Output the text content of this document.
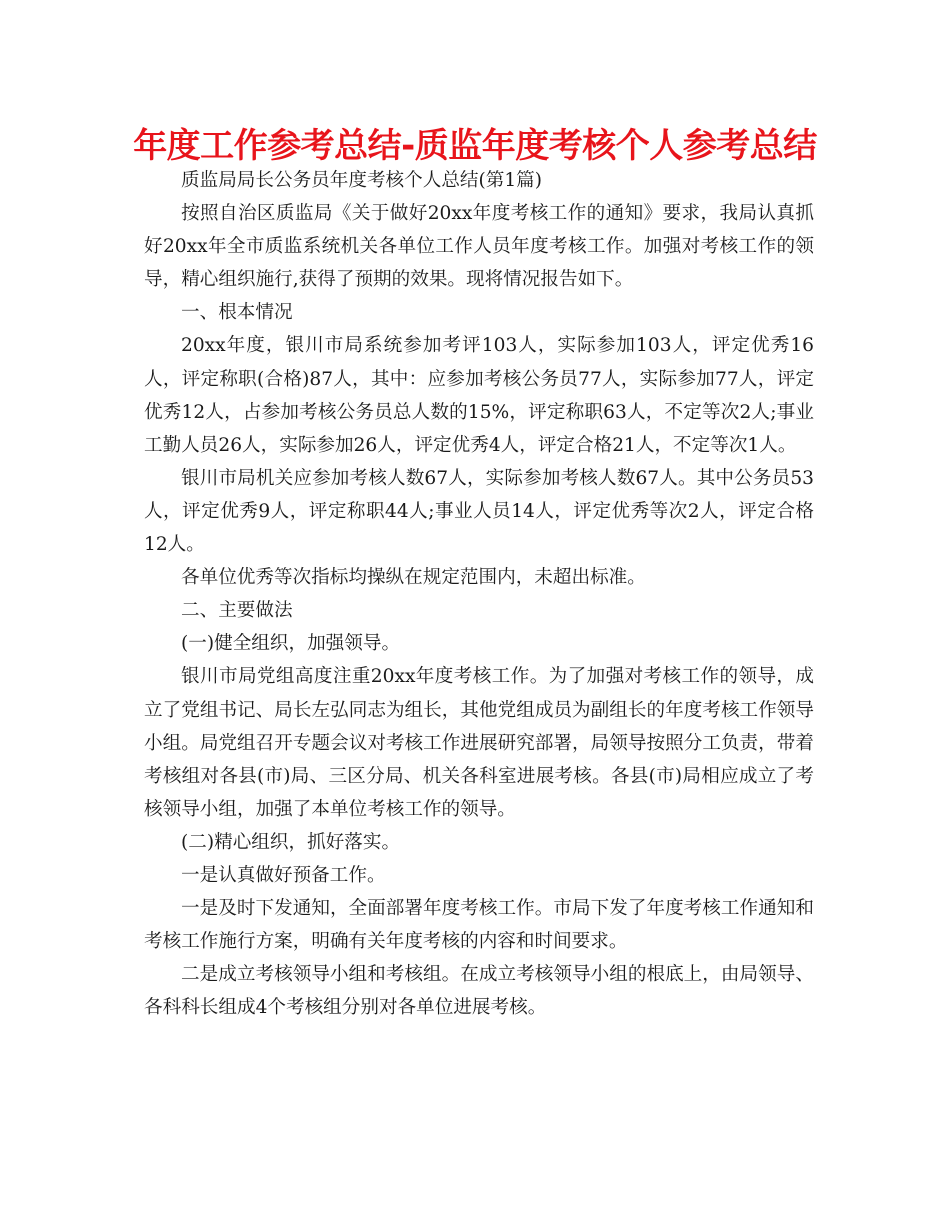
年度工作参考总结-质监年度考核个人参考总结

质监局局长公务员年度考核个人总结(第1篇)

按照自治区质监局《关于做好20xx年度考核工作的通知》要求，我局认真抓好20xx年全市质监系统机关各单位工作人员年度考核工作。加强对考核工作的领导，精心组织施行,获得了预期的效果。现将情况报告如下。

一、根本情况

20xx年度，银川市局系统参加考评103人，实际参加103人，评定优秀16人，评定称职(合格)87人，其中：应参加考核公务员77人，实际参加77人，评定优秀12人，占参加考核公务员总人数的15%，评定称职63人，不定等次2人;事业工勤人员26人，实际参加26人，评定优秀4人，评定合格21人，不定等次1人。

银川市局机关应参加考核人数67人，实际参加考核人数67人。其中公务员53人，评定优秀9人，评定称职44人;事业人员14人，评定优秀等次2人，评定合格12人。

各单位优秀等次指标均操纵在规定范围内，未超出标准。

二、主要做法

(一)健全组织，加强领导。

银川市局党组高度注重20xx年度考核工作。为了加强对考核工作的领导，成立了党组书记、局长左弘同志为组长，其他党组成员为副组长的年度考核工作领导小组。局党组召开专题会议对考核工作进展研究部署，局领导按照分工负责，带着考核组对各县(市)局、三区分局、机关各科室进展考核。各县(市)局相应成立了考核领导小组，加强了本单位考核工作的领导。

(二)精心组织，抓好落实。

一是认真做好预备工作。

一是及时下发通知，全面部署年度考核工作。市局下发了年度考核工作通知和考核工作施行方案，明确有关年度考核的内容和时间要求。

二是成立考核领导小组和考核组。在成立考核领导小组的根底上，由局领导、各科科长组成4个考核组分别对各单位进展考核。
